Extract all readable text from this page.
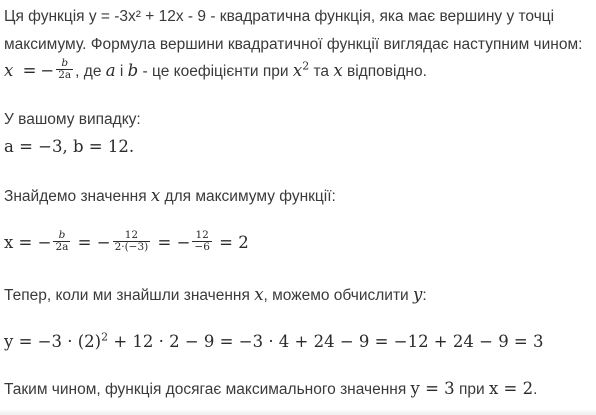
Ця функція y = -3x² + 12x - 9 - квадратична функція, яка має вершину у точці
максимуму. Формула вершини квадратичної функції виглядає наступним чином:
x = − $\frac{b}{2a}$ , де a і b - це коефіцієнти при $x^2$ та x відповідно.
У вашому випадку:
a = −3, b = 12.
Знайдемо значення x для максимуму функції:
x = − $\frac{b}{2a}$ = − $\frac{12}{2\cdot(-3)}$ = − $\frac{12}{-6} = 2$
Тепер, коли ми знайшли значення x, можемо обчислити y:
$y = -3 \cdot (2)^2 + 12 \cdot 2 - 9 = -3 \cdot 4 + 24 - 9 = -12 + 24 - 9 = 3$
Таким чином, функція досягає максимального значення y = 3 при x = 2.
